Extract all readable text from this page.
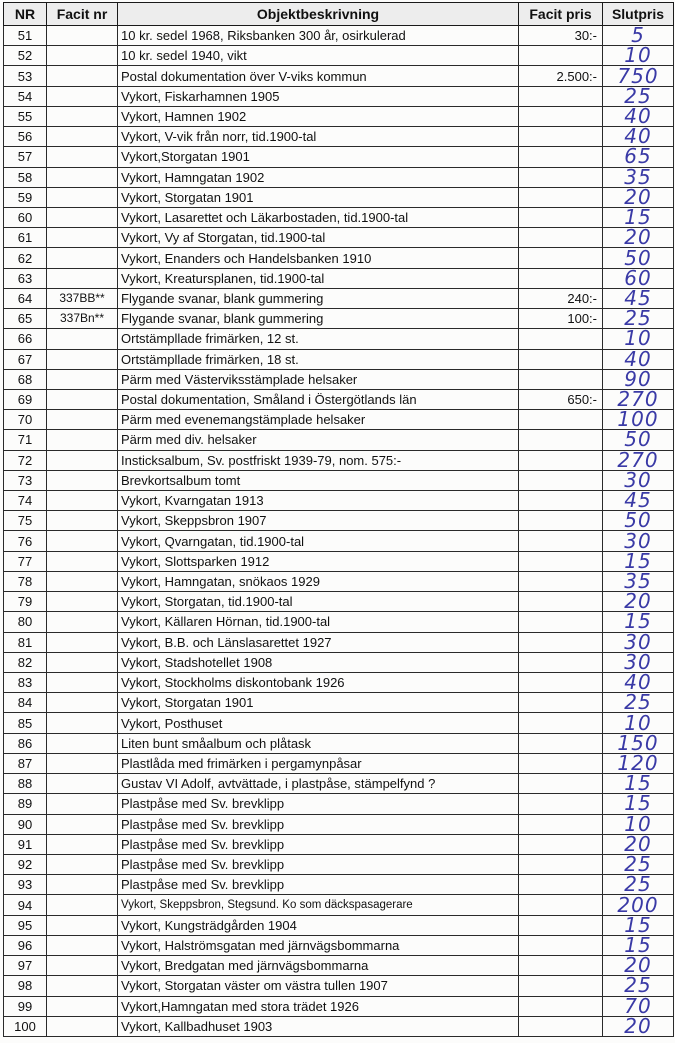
NR	Facit nr	Objektbeskrivning	Facit pris	Slutpris
51		10 kr. sedel 1968, Riksbanken 300 år, osirkulerad	30:-	5
52		10 kr. sedel 1940, vikt		10
53		Postal dokumentation över V-viks kommun	2.500:-	750
54		Vykort, Fiskarhamnen 1905		25
55		Vykort, Hamnen 1902		40
56		Vykort, V-vik från norr, tid.1900-tal		40
57		Vykort,Storgatan 1901		65
58		Vykort, Hamngatan 1902		35
59		Vykort, Storgatan 1901		20
60		Vykort, Lasarettet och Läkarbostaden, tid.1900-tal		15
61		Vykort, Vy af Storgatan, tid.1900-tal		20
62		Vykort, Enanders och Handelsbanken 1910		50
63		Vykort, Kreatursplanen, tid.1900-tal		60
64	337BB**	Flygande svanar, blank gummering	240:-	45
65	337Bn**	Flygande svanar, blank gummering	100:-	25
66		Ortstämpllade frimärken, 12 st.		10
67		Ortstämpllade frimärken, 18 st.		40
68		Pärm med Västerviksstämplade helsaker		90
69		Postal dokumentation, Småland i Östergötlands län	650:-	270
70		Pärm med evenemangstämplade helsaker		100
71		Pärm med div. helsaker		50
72		Insticksalbum, Sv. postfriskt 1939-79, nom. 575:-		270
73		Brevkortsalbum tomt		30
74		Vykort, Kvarngatan 1913		45
75		Vykort, Skeppsbron 1907		50
76		Vykort, Qvarngatan, tid.1900-tal		30
77		Vykort, Slottsparken 1912		15
78		Vykort, Hamngatan, snökaos 1929		35
79		Vykort, Storgatan, tid.1900-tal		20
80		Vykort, Källaren Hörnan, tid.1900-tal		15
81		Vykort, B.B. och Länslasarettet 1927		30
82		Vykort, Stadshotellet 1908		30
83		Vykort, Stockholms diskontobank 1926		40
84		Vykort, Storgatan 1901		25
85		Vykort, Posthuset		10
86		Liten bunt småalbum och plåtask		150
87		Plastlåda med frimärken i pergamynpåsar		120
88		Gustav VI Adolf, avtvättade, i plastpåse, stämpelfynd ?		15
89		Plastpåse med Sv. brevklipp		15
90		Plastpåse med Sv. brevklipp		10
91		Plastpåse med Sv. brevklipp		20
92		Plastpåse med Sv. brevklipp		25
93		Plastpåse med Sv. brevklipp		25
94		Vykort, Skeppsbron, Stegsund. Ko som däckspasagerare		200
95		Vykort, Kungsträdgården 1904		15
96		Vykort, Halströmsgatan med järnvägsbommarna		15
97		Vykort, Bredgatan med järnvägsbommarna		20
98		Vykort, Storgatan väster om västra tullen 1907		25
99		Vykort,Hamngatan med stora trädet 1926		70
100		Vykort, Kallbadhuset 1903		20
